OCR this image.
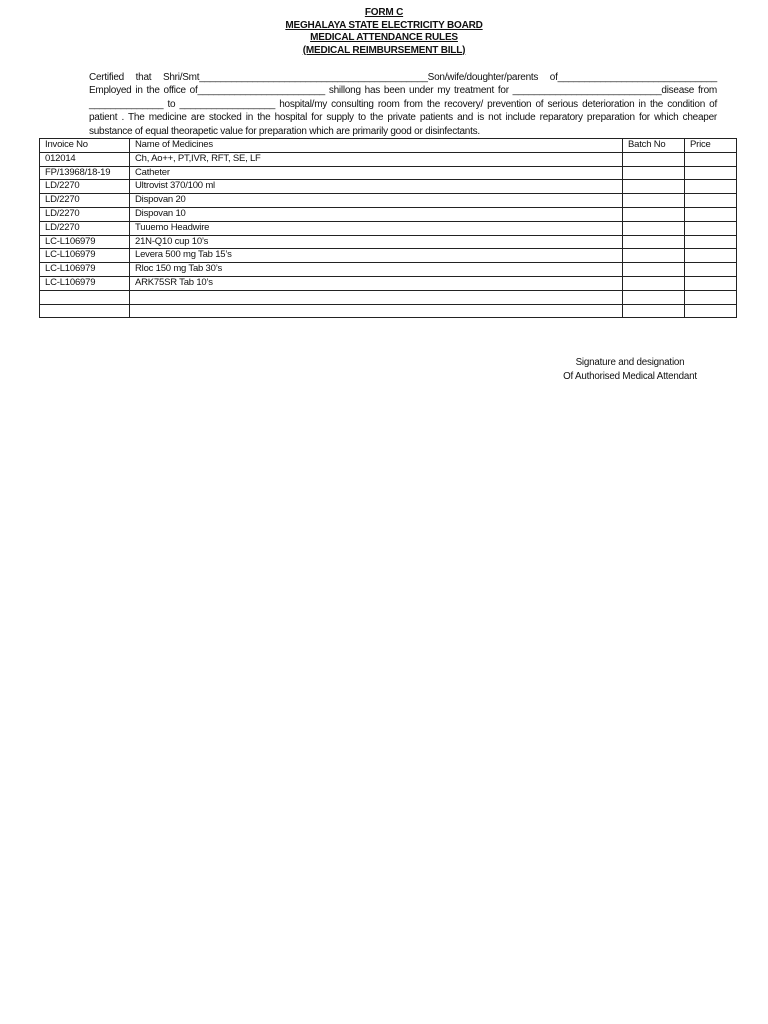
FORM C
MEGHALAYA STATE ELECTRICITY BOARD
MEDICAL ATTENDANCE RULES
(MEDICAL REIMBURSEMENT BILL)
Certified that Shri/Smt___________________________________________Son/wife/doughter/parents of______________________________ Employed in the office of________________________ shillong has been under my treatment for ____________________________disease from ______________ to __________________ hospital/my consulting room from the recovery/ prevention of serious deterioration in the condition of patient . The medicine are stocked in the hospital for supply to the private patients and is not include reparatory preparation for which cheaper substance of equal theorapetic value for preparation which are primarily good or disinfectants.
Invoice No	Name of Medicines	Batch No	Price
012014	Ch, Ao++, PT,IVR, RFT, SE, LF		
FP/13968/18-19	Catheter		
LD/2270	Ultrovist 370/100 ml		
LD/2270	Dispovan 20		
LD/2270	Dispovan 10		
LD/2270	Tuuemo Headwire		
LC-L106979	21N-Q10 cup 10’s		
LC-L106979	Levera 500 mg Tab 15’s		
LC-L106979	Rloc 150 mg Tab 30’s		
LC-L106979	ARK75SR Tab 10’s		

Signature and designation
Of Authorised Medical Attendant
